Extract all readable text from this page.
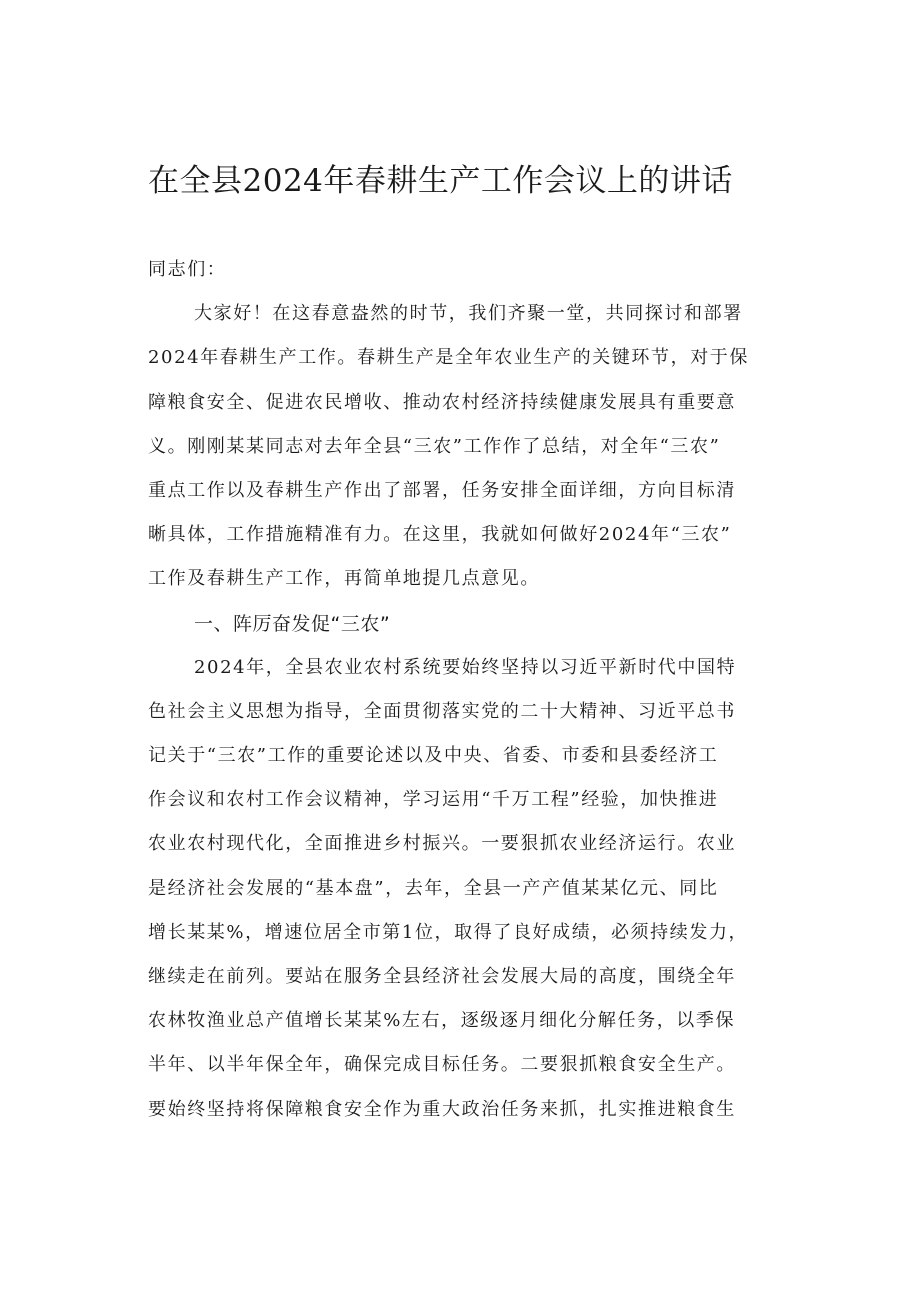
在全县2024年春耕生产工作会议上的讲话
同志们：
大家好！在这春意盎然的时节，我们齐聚一堂，共同探讨和部署
2024年春耕生产工作。春耕生产是全年农业生产的关键环节，对于保
障粮食安全、促进农民增收、推动农村经济持续健康发展具有重要意
义。刚刚某某同志对去年全县“三农”工作作了总结，对全年“三农”
重点工作以及春耕生产作出了部署，任务安排全面详细，方向目标清
晰具体，工作措施精准有力。在这里，我就如何做好2024年“三农”
工作及春耕生产工作，再简单地提几点意见。
一、阵厉奋发促“三农”
2024年，全县农业农村系统要始终坚持以习近平新时代中国特
色社会主义思想为指导，全面贯彻落实党的二十大精神、习近平总书
记关于“三农”工作的重要论述以及中央、省委、市委和县委经济工
作会议和农村工作会议精神，学习运用“千万工程”经验，加快推进
农业农村现代化，全面推进乡村振兴。一要狠抓农业经济运行。农业
是经济社会发展的“基本盘”，去年，全县一产产值某某亿元、同比
增长某某%，增速位居全市第1位，取得了良好成绩，必须持续发力，
继续走在前列。要站在服务全县经济社会发展大局的高度，围绕全年
农林牧渔业总产值增长某某%左右，逐级逐月细化分解任务，以季保
半年、以半年保全年，确保完成目标任务。二要狠抓粮食安全生产。
要始终坚持将保障粮食安全作为重大政治任务来抓，扎实推进粮食生
